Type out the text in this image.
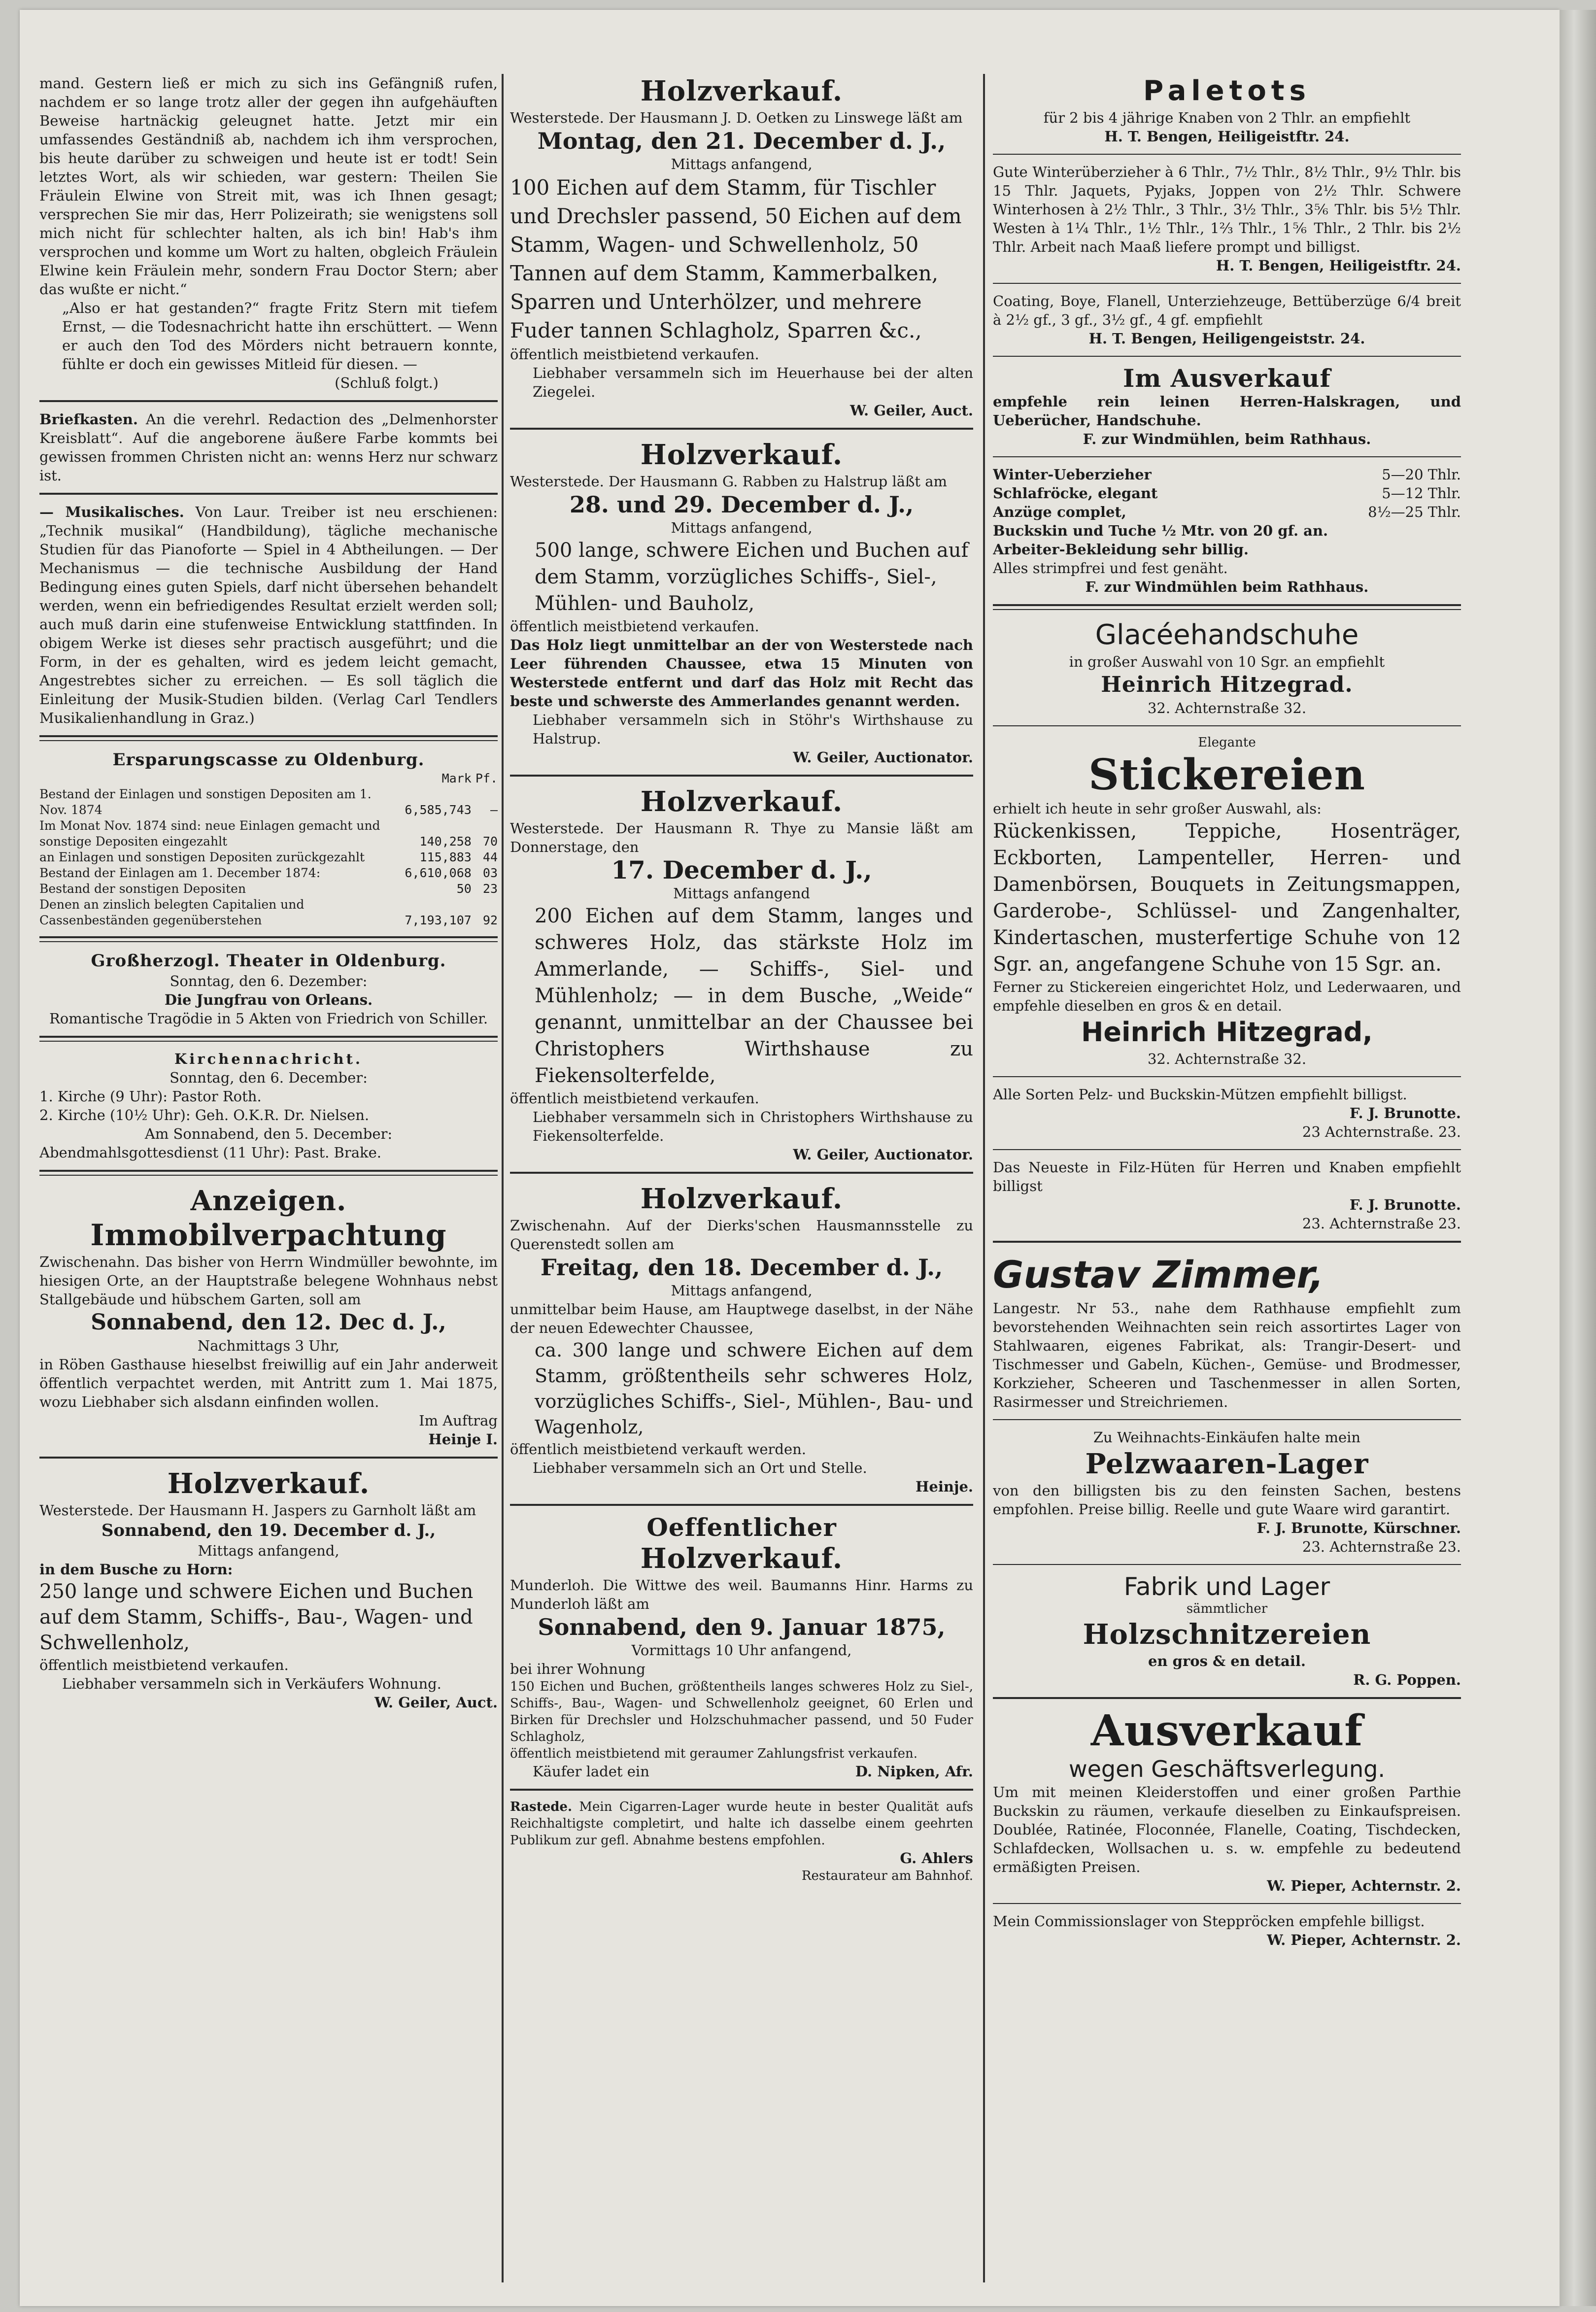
mand. Gestern ließ er mich zu sich ins Gefängniß rufen, nachdem er so lange trotz aller der gegen ihn aufgehäuften Beweise hartnäckig geleugnet hatte. Jetzt mir ein umfassendes Geständniß ab, nachdem ich ihm versprochen, bis heute darüber zu schweigen und heute ist er todt! Sein letztes Wort, als wir schieden, war gestern: Theilen Sie Fräulein Elwine von Streit mit, was ich Ihnen gesagt; versprechen Sie mir das, Herr Polizeirath; sie wenigstens soll mich nicht für schlechter halten, als ich bin! Hab's ihm versprochen und komme um Wort zu halten, obgleich Fräulein Elwine kein Fräulein mehr, sondern Frau Doctor Stern; aber das wußte er nicht.“

„Also er hat gestanden?“ fragte Fritz Stern mit tiefem Ernst, — die Todesnachricht hatte ihn erschüttert. — Wenn er auch den Tod des Mörders nicht betrauern konnte, fühlte er doch ein gewisses Mitleid für diesen. —

(Schluß folgt.)

Briefkasten. An die verehrl. Redaction des „Delmenhorster Kreisblatt“. Auf die angeborene äußere Farbe kommts bei gewissen frommen Christen nicht an: wenns Herz nur schwarz ist.

— Musikalisches. Von Laur. Treiber ist neu erschienen: „Technik musikal“ (Handbildung), tägliche mechanische Studien für das Pianoforte — Spiel in 4 Abtheilungen. — Der Mechanismus — die technische Ausbildung der Hand Bedingung eines guten Spiels, darf nicht übersehen behandelt werden, wenn ein befriedigendes Resultat erzielt werden soll; auch muß darin eine stufenweise Entwicklung stattfinden. In obigem Werke ist dieses sehr practisch ausgeführt; und die Form, in der es gehalten, wird es jedem leicht gemacht, Angestrebtes sicher zu erreichen. — Es soll täglich die Einleitung der Musik-Studien bilden. (Verlag Carl Tendlers Musikalienhandlung in Graz.)

Ersparungscasse zu Oldenburg.

	Mark	Pf.
Bestand der Einlagen und sonstigen Depositen am 1. Nov. 1874	6,585,743	—
Im Monat Nov. 1874 sind: neue Einlagen gemacht und sonstige Depositen eingezahlt	140,258	70
an Einlagen und sonstigen Depositen zurückgezahlt	115,883	44
Bestand der Einlagen am 1. December 1874:	6,610,068	03
Bestand der sonstigen Depositen	50	23
Denen an zinslich belegten Capitalien und Cassenbeständen gegenüberstehen	7,193,107	92

Großherzogl. Theater in Oldenburg.

Sonntag, den 6. Dezember:

Die Jungfrau von Orleans.

Romantische Tragödie in 5 Akten von Friedrich von Schiller.

Kirchennachricht.

Sonntag, den 6. December:

1. Kirche (9 Uhr): Pastor Roth.

2. Kirche (10½ Uhr): Geh. O.K.R. Dr. Nielsen.

Am Sonnabend, den 5. December:

Abendmahlsgottesdienst (11 Uhr): Past. Brake.

Anzeigen.

Immobilverpachtung

Zwischenahn. Das bisher von Herrn Windmüller bewohnte, im hiesigen Orte, an der Hauptstraße belegene Wohnhaus nebst Stallgebäude und hübschem Garten, soll am

Sonnabend, den 12. Dec d. J.,

Nachmittags 3 Uhr,

in Röben Gasthause hieselbst freiwillig auf ein Jahr anderweit öffentlich verpachtet werden, mit Antritt zum 1. Mai 1875, wozu Liebhaber sich alsdann einfinden wollen.

Im Auftrag

Heinje I.

Holzverkauf.

Westerstede. Der Hausmann H. Jaspers zu Garnholt läßt am

Sonnabend, den 19. December d. J.,

Mittags anfangend,

in dem Busche zu Horn:

250 lange und schwere Eichen und Buchen auf dem Stamm, Schiffs-, Bau-, Wagen- und Schwellenholz,

öffentlich meistbietend verkaufen.

Liebhaber versammeln sich in Verkäufers Wohnung.

W. Geiler, Auct.

Holzverkauf.

Westerstede. Der Hausmann J. D. Oetken zu Linswege läßt am

Montag, den 21. December d. J.,

Mittags anfangend,

100 Eichen auf dem Stamm, für Tischler und Drechsler passend, 50 Eichen auf dem Stamm, Wagen- und Schwellenholz, 50 Tannen auf dem Stamm, Kammerbalken, Sparren und Unterhölzer, und mehrere Fuder tannen Schlagholz, Sparren &c.,

öffentlich meistbietend verkaufen.

Liebhaber versammeln sich im Heuerhause bei der alten Ziegelei.

W. Geiler, Auct.

Holzverkauf.

Westerstede. Der Hausmann G. Rabben zu Halstrup läßt am

28. und 29. December d. J.,

Mittags anfangend,

500 lange, schwere Eichen und Buchen auf dem Stamm, vorzügliches Schiffs-, Siel-, Mühlen- und Bauholz,

öffentlich meistbietend verkaufen.

Das Holz liegt unmittelbar an der von Westerstede nach Leer führenden Chaussee, etwa 15 Minuten von Westerstede entfernt und darf das Holz mit Recht das beste und schwerste des Ammerlandes genannt werden.

Liebhaber versammeln sich in Stöhr's Wirthshause zu Halstrup.

W. Geiler, Auctionator.

Holzverkauf.

Westerstede. Der Hausmann R. Thye zu Mansie läßt am Donnerstage, den

17. December d. J.,

Mittags anfangend

200 Eichen auf dem Stamm, langes und schweres Holz, das stärkste Holz im Ammerlande, — Schiffs-, Siel- und Mühlenholz; — in dem Busche, „Weide“ genannt, unmittelbar an der Chaussee bei Christophers Wirthshause zu Fiekensolterfelde,

öffentlich meistbietend verkaufen.

Liebhaber versammeln sich in Christophers Wirthshause zu Fiekensolterfelde.

W. Geiler, Auctionator.

Holzverkauf.

Zwischenahn. Auf der Dierks'schen Hausmannsstelle zu Querenstedt sollen am

Freitag, den 18. December d. J.,

Mittags anfangend,

unmittelbar beim Hause, am Hauptwege daselbst, in der Nähe der neuen Edewechter Chaussee,

ca. 300 lange und schwere Eichen auf dem Stamm, größtentheils sehr schweres Holz, vorzügliches Schiffs-, Siel-, Mühlen-, Bau- und Wagenholz,

öffentlich meistbietend verkauft werden.

Liebhaber versammeln sich an Ort und Stelle.

Heinje.

Oeffentlicher

Holzverkauf.

Munderloh. Die Wittwe des weil. Baumanns Hinr. Harms zu Munderloh läßt am

Sonnabend, den 9. Januar 1875,

Vormittags 10 Uhr anfangend,

bei ihrer Wohnung

150 Eichen und Buchen, größtentheils langes schweres Holz zu Siel-, Schiffs-, Bau-, Wagen- und Schwellenholz geeignet, 60 Erlen und Birken für Drechsler und Holzschuhmacher passend, und 50 Fuder Schlagholz,

öffentlich meistbietend mit geraumer Zahlungsfrist verkaufen.

Käufer ladet ein	D. Nipken, Afr.

Rastede. Mein Cigarren-Lager wurde heute in bester Qualität aufs Reichhaltigste completirt, und halte ich dasselbe einem geehrten Publikum zur gefl. Abnahme bestens empfohlen.

G. Ahlers

Restaurateur am Bahnhof.

Paletots

für 2 bis 4 jährige Knaben von 2 Thlr. an empfiehlt

H. T. Bengen, Heiligeistftr. 24.

Gute Winterüberzieher à 6 Thlr., 7½ Thlr., 8½ Thlr., 9½ Thlr. bis 15 Thlr. Jaquets, Pyjaks, Joppen von 2½ Thlr. Schwere Winterhosen à 2½ Thlr., 3 Thlr., 3½ Thlr., 3⅚ Thlr. bis 5½ Thlr. Westen à 1¼ Thlr., 1½ Thlr., 1⅔ Thlr., 1⅚ Thlr., 2 Thlr. bis 2½ Thlr. Arbeit nach Maaß liefere prompt und billigst.

H. T. Bengen, Heiligeistftr. 24.

Coating, Boye, Flanell, Unterziehzeuge, Bettüberzüge 6/4 breit à 2½ gf., 3 gf., 3½ gf., 4 gf. empfiehlt

H. T. Bengen, Heiligengeiststr. 24.

Im Ausverkauf

empfehle rein leinen Herren-Halskragen, und Ueberücher, Handschuhe.

F. zur Windmühlen, beim Rathhaus.

Winter-Ueberzieher	5—20 Thlr.
Schlafröcke, elegant	5—12 Thlr.
Anzüge complet,	8½—25 Thlr.
Buckskin und Tuche ½ Mtr. von 20 gf. an.
Arbeiter-Bekleidung sehr billig.

Alles strimpfrei und fest genäht.

F. zur Windmühlen beim Rathhaus.

Glacéehandschuhe

in großer Auswahl von 10 Sgr. an empfiehlt

Heinrich Hitzegrad.

32. Achternstraße 32.

Elegante

Stickereien

erhielt ich heute in sehr großer Auswahl, als:

Rückenkissen, Teppiche, Hosenträger, Eckborten, Lampenteller, Herren- und Damenbörsen, Bouquets in Zeitungsmappen, Garderobe-, Schlüssel- und Zangenhalter, Kindertaschen, musterfertige Schuhe von 12 Sgr. an, angefangene Schuhe von 15 Sgr. an.

Ferner zu Stickereien eingerichtet Holz, und Lederwaaren, und empfehle dieselben en gros & en detail.

Heinrich Hitzegrad,

32. Achternstraße 32.

Alle Sorten Pelz- und Buckskin-Mützen empfiehlt billigst.

F. J. Brunotte.

23 Achternstraße. 23.

Das Neueste in Filz-Hüten für Herren und Knaben empfiehlt billigst

F. J. Brunotte.

23. Achternstraße 23.

Gustav Zimmer,

Langestr. Nr 53., nahe dem Rathhause empfiehlt zum bevorstehenden Weihnachten sein reich assortirtes Lager von Stahlwaaren, eigenes Fabrikat, als: Trangir-Desert- und Tischmesser und Gabeln, Küchen-, Gemüse- und Brodmesser, Korkzieher, Scheeren und Taschenmesser in allen Sorten, Rasirmesser und Streichriemen.

Zu Weihnachts-Einkäufen halte mein

Pelzwaaren-Lager

von den billigsten bis zu den feinsten Sachen, bestens empfohlen. Preise billig. Reelle und gute Waare wird garantirt.

F. J. Brunotte, Kürschner.

23. Achternstraße 23.

Fabrik und Lager

sämmtlicher

Holzschnitzereien

en gros & en detail.

R. G. Poppen.

Ausverkauf

wegen Geschäftsverlegung.

Um mit meinen Kleiderstoffen und einer großen Parthie Buckskin zu räumen, verkaufe dieselben zu Einkaufspreisen. Doublée, Ratinée, Floconnée, Flanelle, Coating, Tischdecken, Schlafdecken, Wollsachen u. s. w. empfehle zu bedeutend ermäßigten Preisen.

W. Pieper, Achternstr. 2.

Mein Commissionslager von Steppröcken empfehle billigst.

W. Pieper, Achternstr. 2.
